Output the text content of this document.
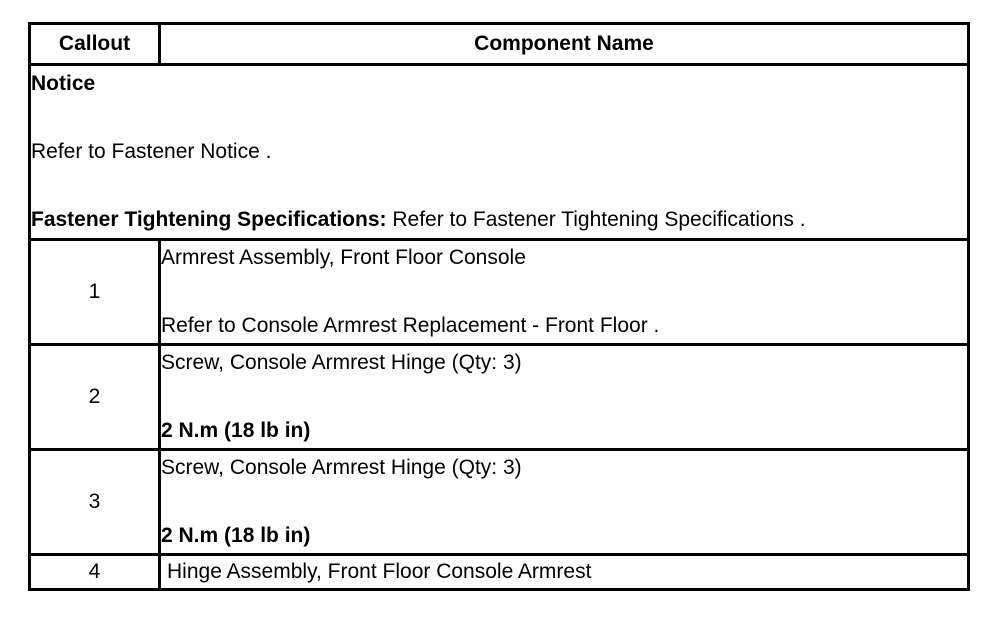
Callout	Component Name

Notice
Refer to Fastener Notice .
Fastener Tightening Specifications: Refer to Fastener Tightening Specifications .	

1	Armrest Assembly, Front Floor Console
Refer to Console Armrest Replacement - Front Floor .

2	Screw, Console Armrest Hinge (Qty: 3)
2 N.m (18 lb in)

3	Screw, Console Armrest Hinge (Qty: 3)
2 N.m (18 lb in)

4	Hinge Assembly, Front Floor Console Armrest
